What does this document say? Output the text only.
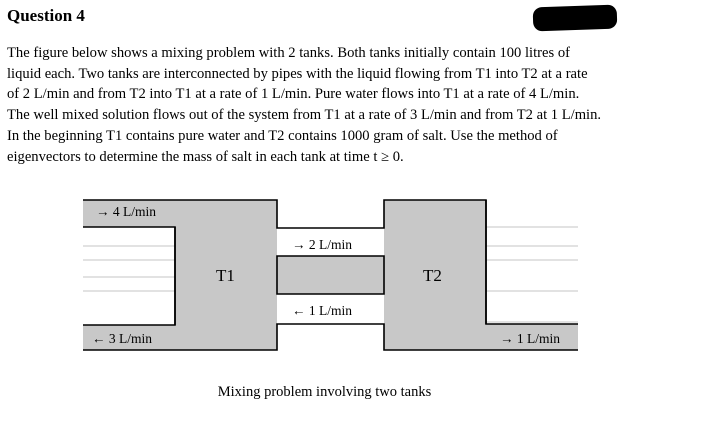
Question 4

The figure below shows a mixing problem with 2 tanks. Both tanks initially contain 100 litres of

liquid each. Two tanks are interconnected by pipes with the liquid flowing from T1 into T2 at a rate

of 2 L/min and from T2 into T1 at a rate of 1 L/min. Pure water flows into T1 at a rate of 4 L/min.

The well mixed solution flows out of the system from T1 at a rate of 3 L/min and from T2 at 1 L/min.

In the beginning T1 contains pure water and T2 contains 1000 gram of salt. Use the method of

eigenvectors to determine the mass of salt in each tank at time t ≥ 0.

T1	T2
→ 4 L/min
→ 2 L/min
← 1 L/min
← 3 L/min	→ 1 L/min
Mixing problem involving two tanks
